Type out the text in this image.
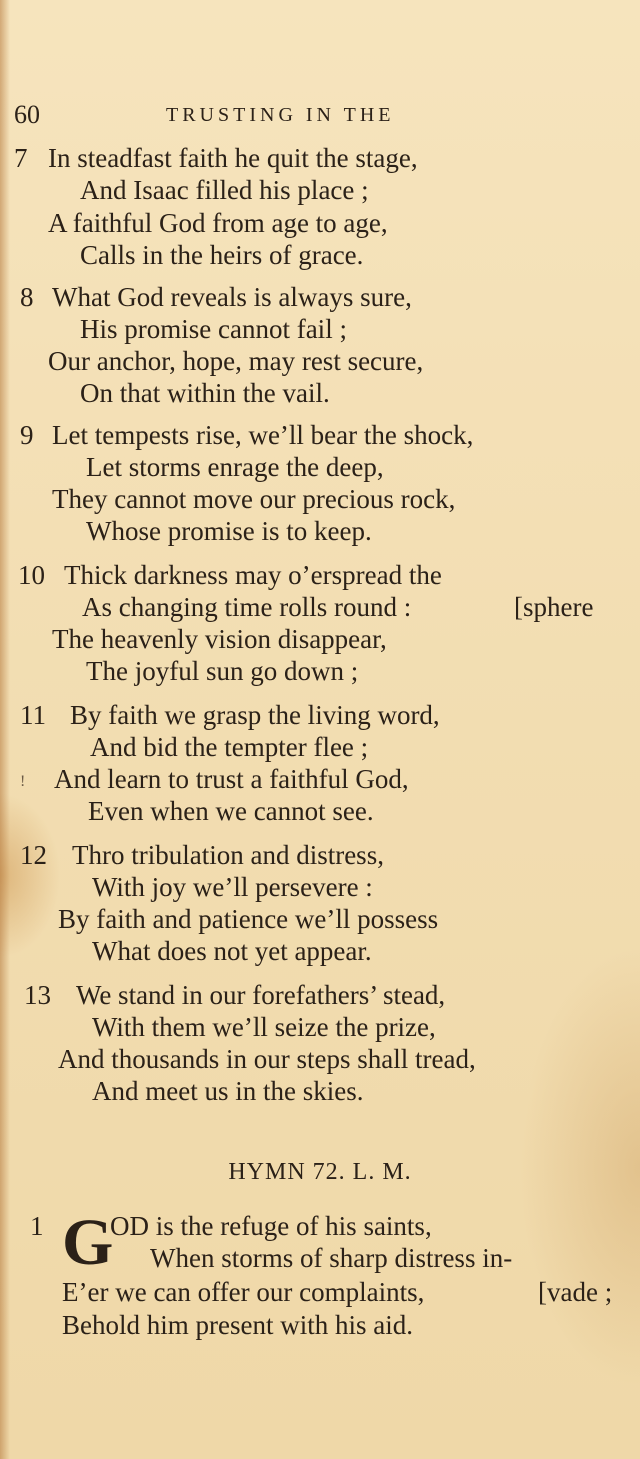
60	TRUSTING IN THE
7 In steadfast faith he quit the stage,
And Isaac filled his place ;
A faithful God from age to age,
Calls in the heirs of grace.
8 What God reveals is always sure,
His promise cannot fail ;
Our anchor, hope, may rest secure,
On that within the vail.
9 Let tempests rise, we’ll bear the shock,
Let storms enrage the deep,
They cannot move our precious rock,
Whose promise is to keep.
10 Thick darkness may o’erspread the
As changing time rolls round :	[sphere
The heavenly vision disappear,
The joyful sun go down ;
11 By faith we grasp the living word,
And bid the tempter flee ;
! And learn to trust a faithful God,
Even when we cannot see.
12 Thro tribulation and distress,
With joy we’ll persevere :
By faith and patience we’ll possess
What does not yet appear.
13 We stand in our forefathers’ stead,
With them we’ll seize the prize,
And thousands in our steps shall tread,
And meet us in the skies.
HYMN 72. L. M.
1 G
OD is the refuge of his saints,
When storms of sharp distress in-
E’er we can offer our complaints,	[vade ;
Behold him present with his aid.
